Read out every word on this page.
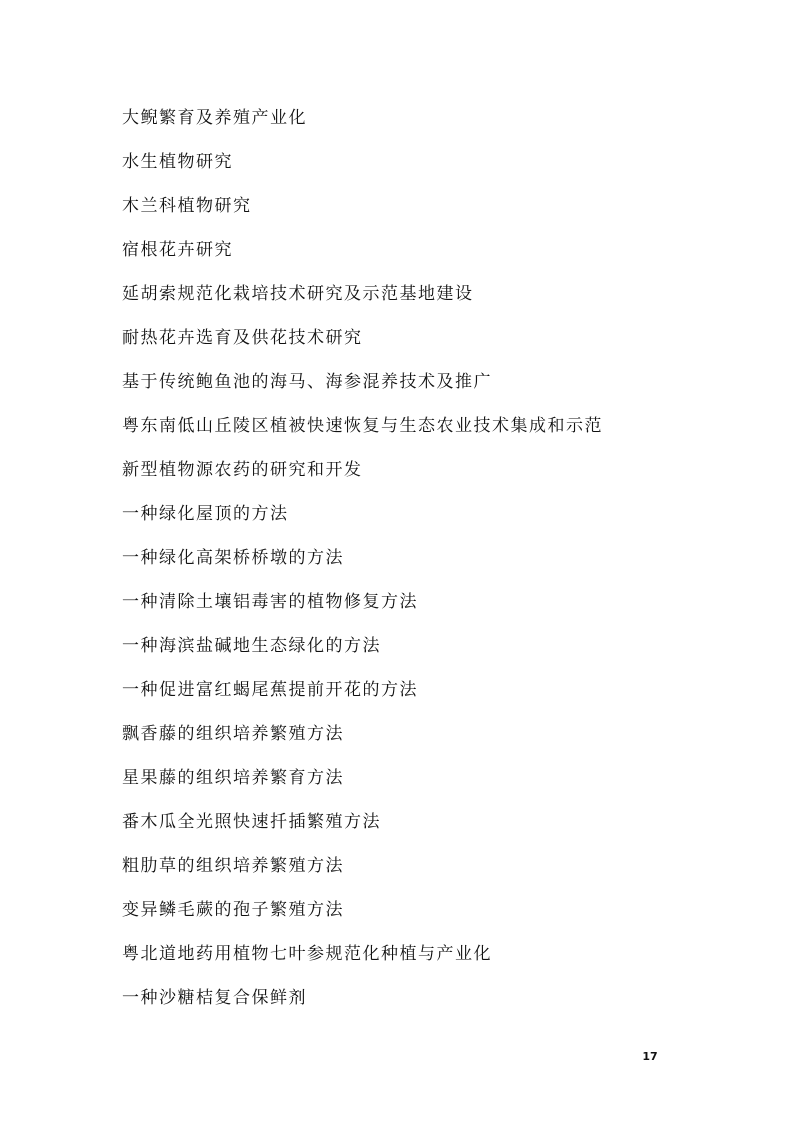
大鲵繁育及养殖产业化
水生植物研究
木兰科植物研究
宿根花卉研究
延胡索规范化栽培技术研究及示范基地建设
耐热花卉选育及供花技术研究
基于传统鲍鱼池的海马、海参混养技术及推广
粤东南低山丘陵区植被快速恢复与生态农业技术集成和示范
新型植物源农药的研究和开发
一种绿化屋顶的方法
一种绿化高架桥桥墩的方法
一种清除土壤铝毒害的植物修复方法
一种海滨盐碱地生态绿化的方法
一种促进富红蝎尾蕉提前开花的方法
飘香藤的组织培养繁殖方法
星果藤的组织培养繁育方法
番木瓜全光照快速扦插繁殖方法
粗肋草的组织培养繁殖方法
变异鳞毛蕨的孢子繁殖方法
粤北道地药用植物七叶参规范化种植与产业化
一种沙糖桔复合保鲜剂
17
